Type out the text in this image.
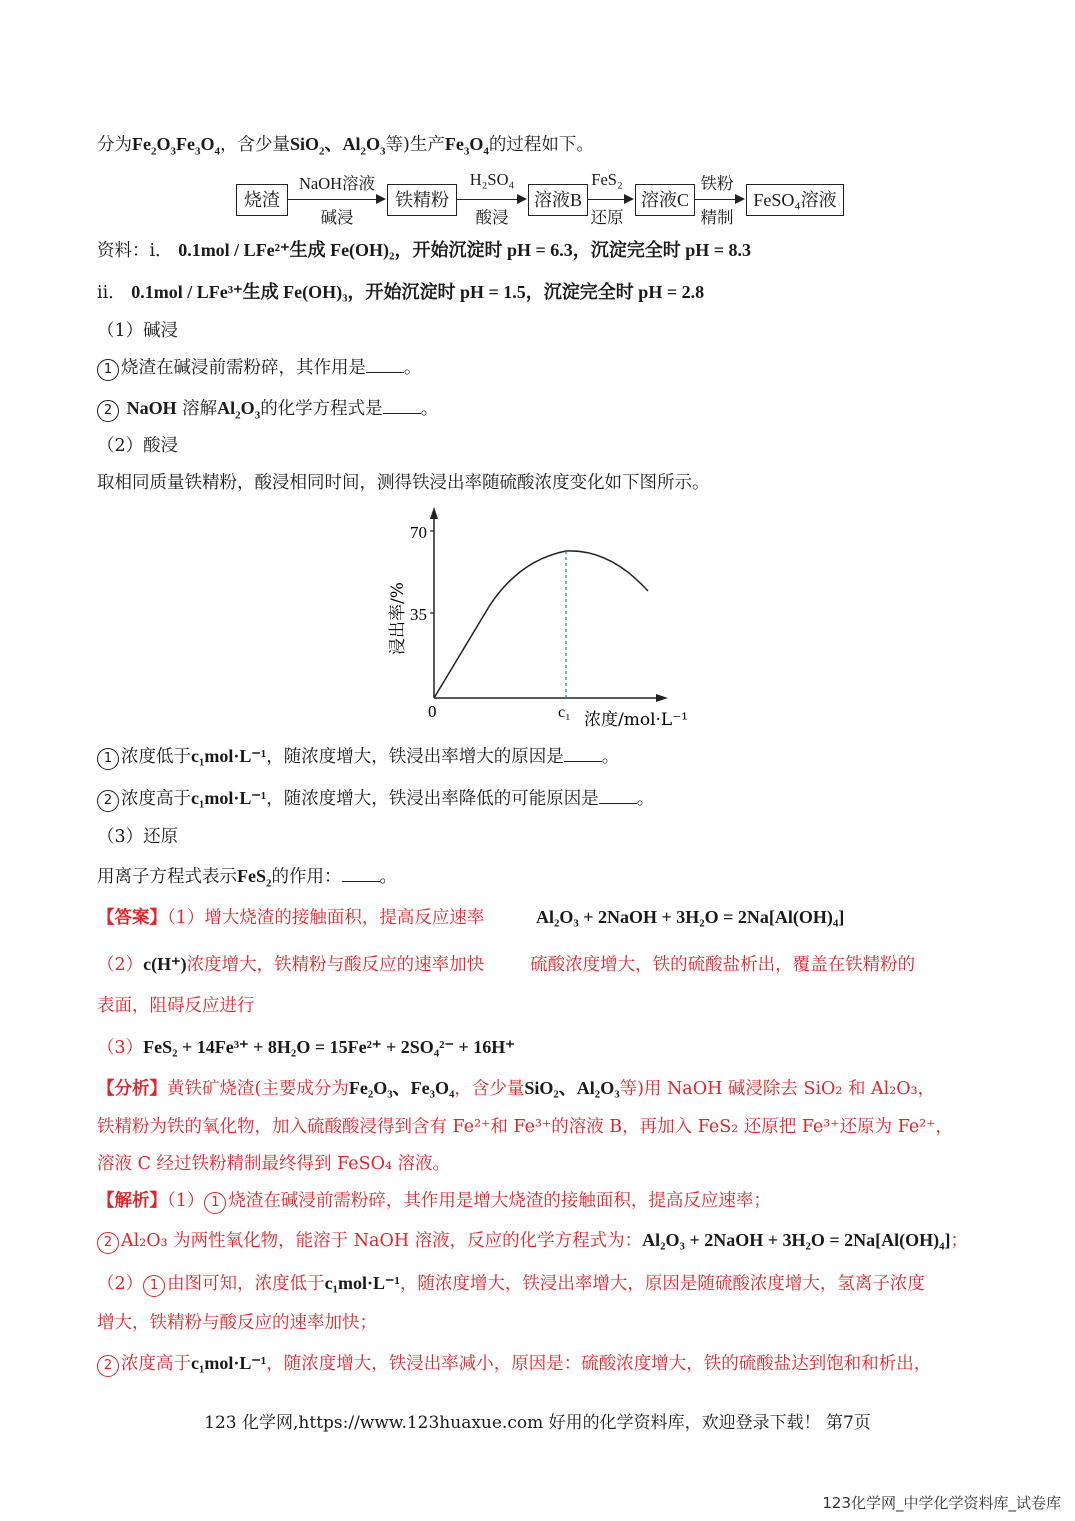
分为$Fe_2O_3Fe_3O_4$，含少量SiO$_2$、$Al_2O_3$等)生产$Fe_3O_4$的过程如下。
烧渣
NaOH溶液
碱浸
铁精粉
H₂SO₄
酸浸
溶液B
FeS₂
还原
溶液C
铁粉
精制
FeSO₄溶液
资料：i． 0.1mol / LFe²⁺生成 Fe(OH)₂，开始沉淀时 pH = 6.3，沉淀完全时 pH = 8.3
ii． 0.1mol / LFe³⁺生成 Fe(OH)₃，开始沉淀时 pH = 1.5，沉淀完全时 pH = 2.8
（1）碱浸
1 烧渣在碱浸前需粉碎，其作用是 。
2 NaOH 溶解$Al_2O_3$的化学方程式是 。
（2）酸浸
取相同质量铁精粉，酸浸相同时间，测得铁浸出率随硫酸浓度变化如下图所示。
70
35
0	c₁ 浓度/mol·L⁻¹
浸出率/%
1 浓度低于c₁mol·L⁻¹，随浓度增大，铁浸出率增大的原因是 。
2 浓度高于c₁mol·L⁻¹，随浓度增大，铁浸出率降低的可能原因是 。
（3）还原
用离子方程式表示FeS$_2$的作用： 。
【答案】（1）增大烧渣的接触面积，提高反应速率	Al₂O₃ + 2NaOH + 3H₂O = 2Na[Al(OH)₄]
（2）c(H⁺)浓度增大，铁精粉与酸反应的速率加快	硫酸浓度增大，铁的硫酸盐析出，覆盖在铁精粉的
表面，阻碍反应进行
（3）FeS₂ + 14Fe³⁺ + 8H₂O = 15Fe²⁺ + 2SO₄²⁻ + 16H⁺
【分析】黄铁矿烧渣(主要成分为Fe₂O₃、Fe₃O₄，含少量SiO₂、Al₂O₃等)用 NaOH 碱浸除去 SiO₂ 和 Al₂O₃，
铁精粉为铁的氧化物，加入硫酸酸浸得到含有 Fe²⁺和 Fe³⁺的溶液 B，再加入 FeS₂ 还原把 Fe³⁺还原为 Fe²⁺，
溶液 C 经过铁粉精制最终得到 FeSO₄ 溶液。
【解析】（1） 1 烧渣在碱浸前需粉碎，其作用是增大烧渣的接触面积，提高反应速率；
2 Al₂O₃ 为两性氧化物，能溶于 NaOH 溶液，反应的化学方程式为：Al₂O₃ + 2NaOH + 3H₂O = 2Na[Al(OH)₄]；
（2） 1 由图可知，浓度低于c₁mol·L⁻¹，随浓度增大，铁浸出率增大，原因是随硫酸浓度增大，氢离子浓度
增大，铁精粉与酸反应的速率加快；
2 浓度高于c₁mol·L⁻¹，随浓度增大，铁浸出率减小，原因是：硫酸浓度增大，铁的硫酸盐达到饱和和析出，
123 化学网,https://www.123huaxue.com 好用的化学资料库，欢迎登录下载！ 第7页
123化学网_中学化学资料库_试卷库
